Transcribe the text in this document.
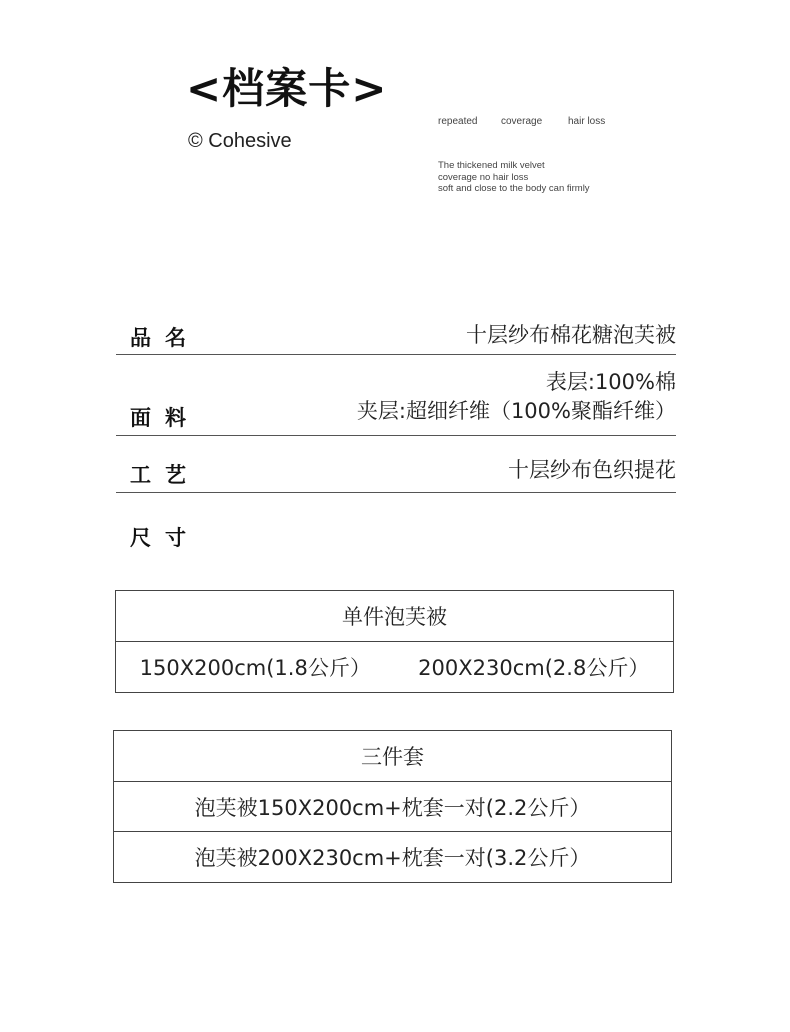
<档案卡>
© Cohesive
repeated coverage	hair loss
The thickened milk velvet
coverage no hair loss
soft and close to the body can firmly
品名	十层纱布棉花糖泡芙被
面料
表层:100%棉
夹层:超细纤维（100%聚酯纤维）
工艺	十层纱布色织提花
尺寸
单件泡芙被

150X200cm(1.8公斤） 200X230cm(2.8公斤）
三件套
泡芙被150X200cm+枕套一对(2.2公斤）
泡芙被200X230cm+枕套一对(3.2公斤）
